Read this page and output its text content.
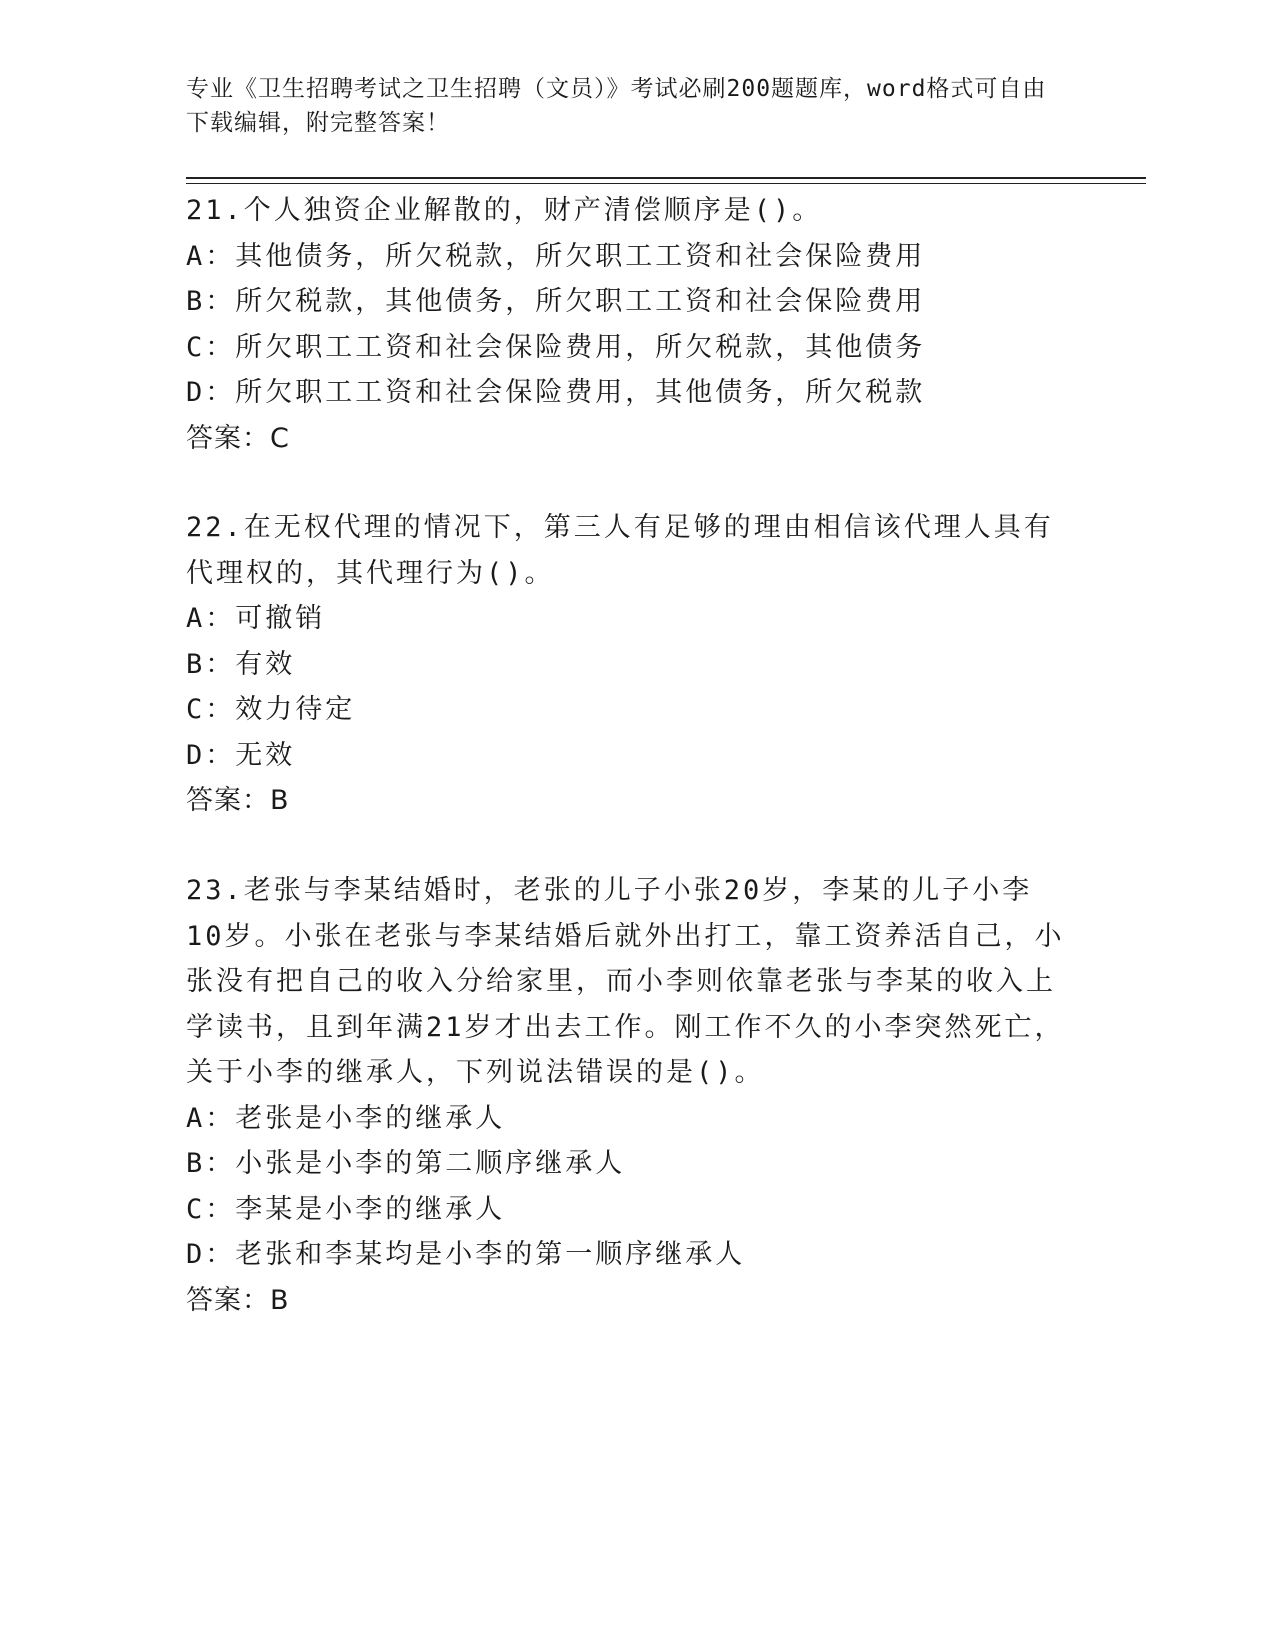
专业《卫生招聘考试之卫生招聘（文员）》考试必刷200题题库，word格式可自由下载编辑，附完整答案！

21.个人独资企业解散的，财产清偿顺序是()。

A：其他债务，所欠税款，所欠职工工资和社会保险费用

B：所欠税款，其他债务，所欠职工工资和社会保险费用

C：所欠职工工资和社会保险费用，所欠税款，其他债务

D：所欠职工工资和社会保险费用，其他债务，所欠税款

答案：C

22.在无权代理的情况下，第三人有足够的理由相信该代理人具有代理权的，其代理行为()。

A：可撤销

B：有效

C：效力待定

D：无效

答案：B

23.老张与李某结婚时，老张的儿子小张20岁，李某的儿子小李10岁。小张在老张与李某结婚后就外出打工，靠工资养活自己，小张没有把自己的收入分给家里，而小李则依靠老张与李某的收入上学读书，且到年满21岁才出去工作。刚工作不久的小李突然死亡，关于小李的继承人，下列说法错误的是()。

A：老张是小李的继承人

B：小张是小李的第二顺序继承人

C：李某是小李的继承人

D：老张和李某均是小李的第一顺序继承人

答案：B
